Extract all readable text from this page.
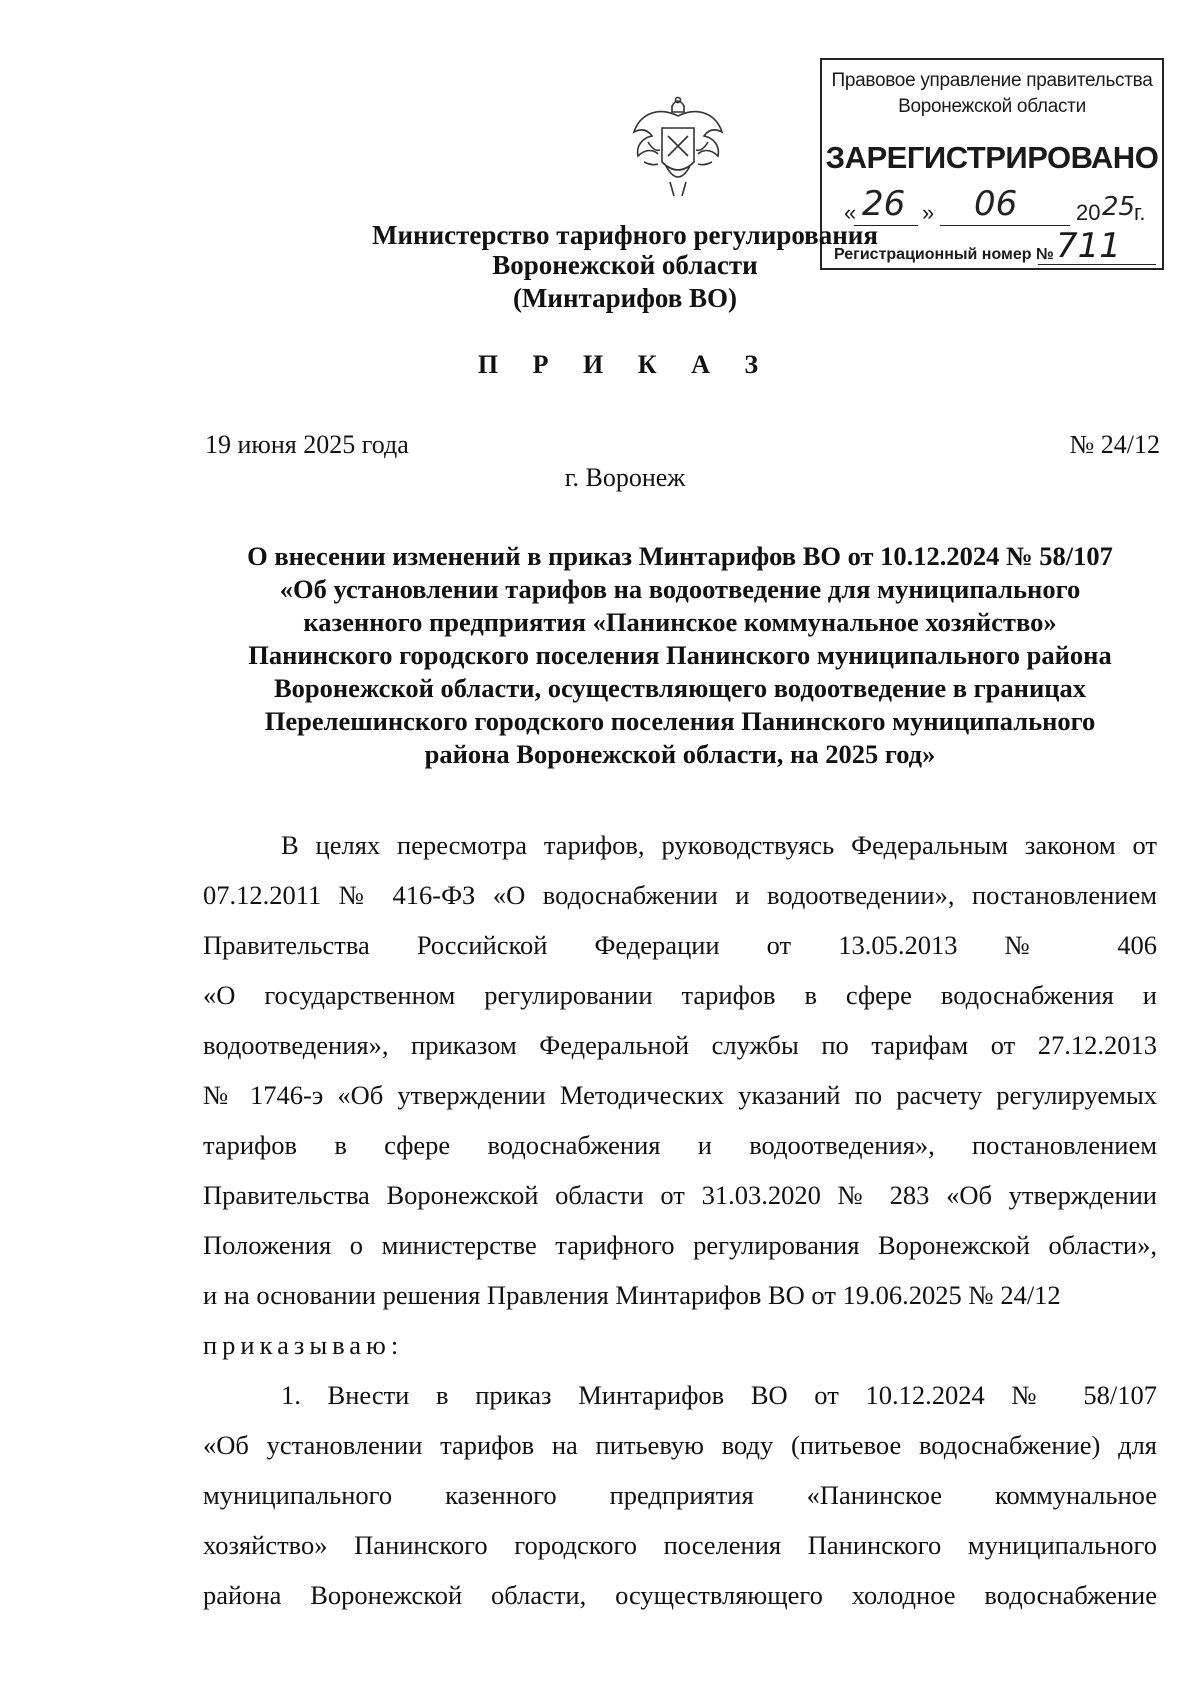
Правовое управление правительства
Воронежской области
ЗАРЕГИСТРИРОВАНО
« 26 » 06	20 25
г.
Регистрационный номер № 711
Министерство тарифного регулирования
Воронежской области
(Минтарифов ВО)
П Р И К А З
19 июня 2025 года	№ 24/12
г. Воронеж
О внесении изменений в приказ Минтарифов ВО от 10.12.2024 № 58/107
«Об установлении тарифов на водоотведение для муниципального
казенного предприятия «Панинское коммунальное хозяйство»
Панинского городского поселения Панинского муниципального района
Воронежской области, осуществляющего водоотведение в границах
Перелешинского городского поселения Панинского муниципального
района Воронежской области, на 2025 год»
В целях пересмотра тарифов, руководствуясь Федеральным законом от
07.12.2011 № 416-ФЗ «О водоснабжении и водоотведении», постановлением
Правительства Российской Федерации от 13.05.2013 № 406
«О государственном регулировании тарифов в сфере водоснабжения и
водоотведения», приказом Федеральной службы по тарифам от 27.12.2013
№ 1746-э «Об утверждении Методических указаний по расчету регулируемых
тарифов в сфере водоснабжения и водоотведения», постановлением
Правительства Воронежской области от 31.03.2020 № 283 «Об утверждении
Положения о министерстве тарифного регулирования Воронежской области»,
и на основании решения Правления Минтарифов ВО от 19.06.2025 № 24/12
приказываю:
1. Внести в приказ Минтарифов ВО от 10.12.2024 № 58/107
«Об установлении тарифов на питьевую воду (питьевое водоснабжение) для
муниципального казенного предприятия «Панинское коммунальное
хозяйство» Панинского городского поселения Панинского муниципального
района Воронежской области, осуществляющего холодное водоснабжение
